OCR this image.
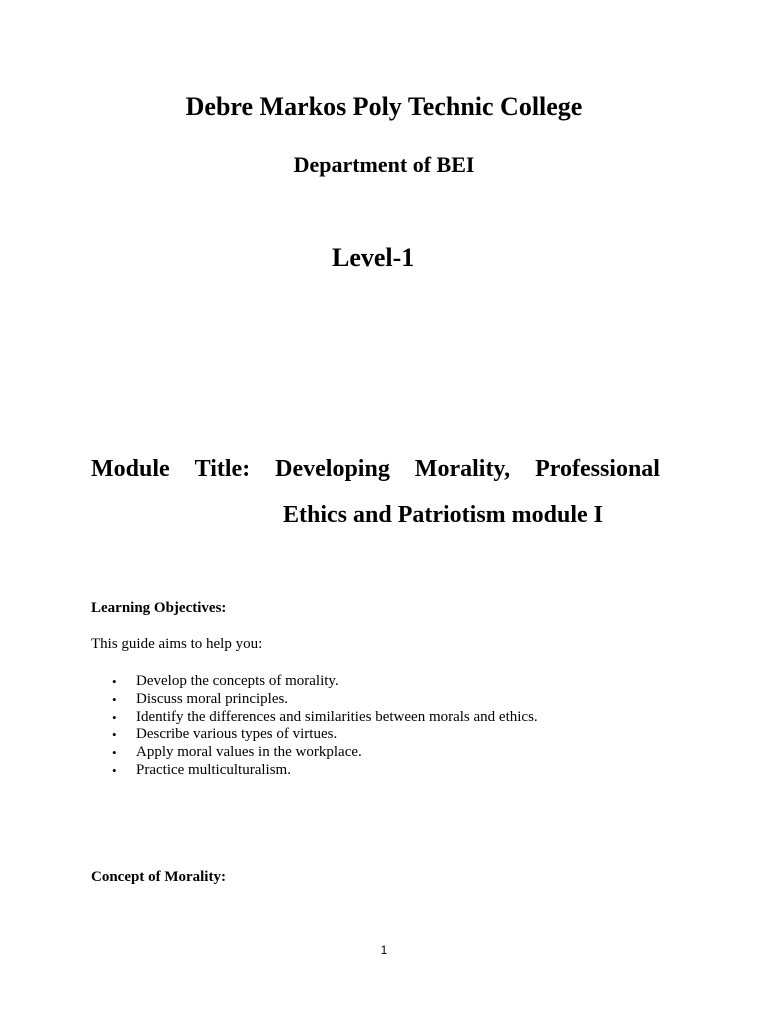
Debre Markos Poly Technic College
Department of BEI
Level-1
Module Title: Developing Morality, Professional
Ethics and Patriotism module I
Learning Objectives:
This guide aims to help you:
• Develop the concepts of morality.
• Discuss moral principles.
• Identify the differences and similarities between morals and ethics.
• Describe various types of virtues.
• Apply moral values in the workplace.
• Practice multiculturalism.
Concept of Morality:
1
